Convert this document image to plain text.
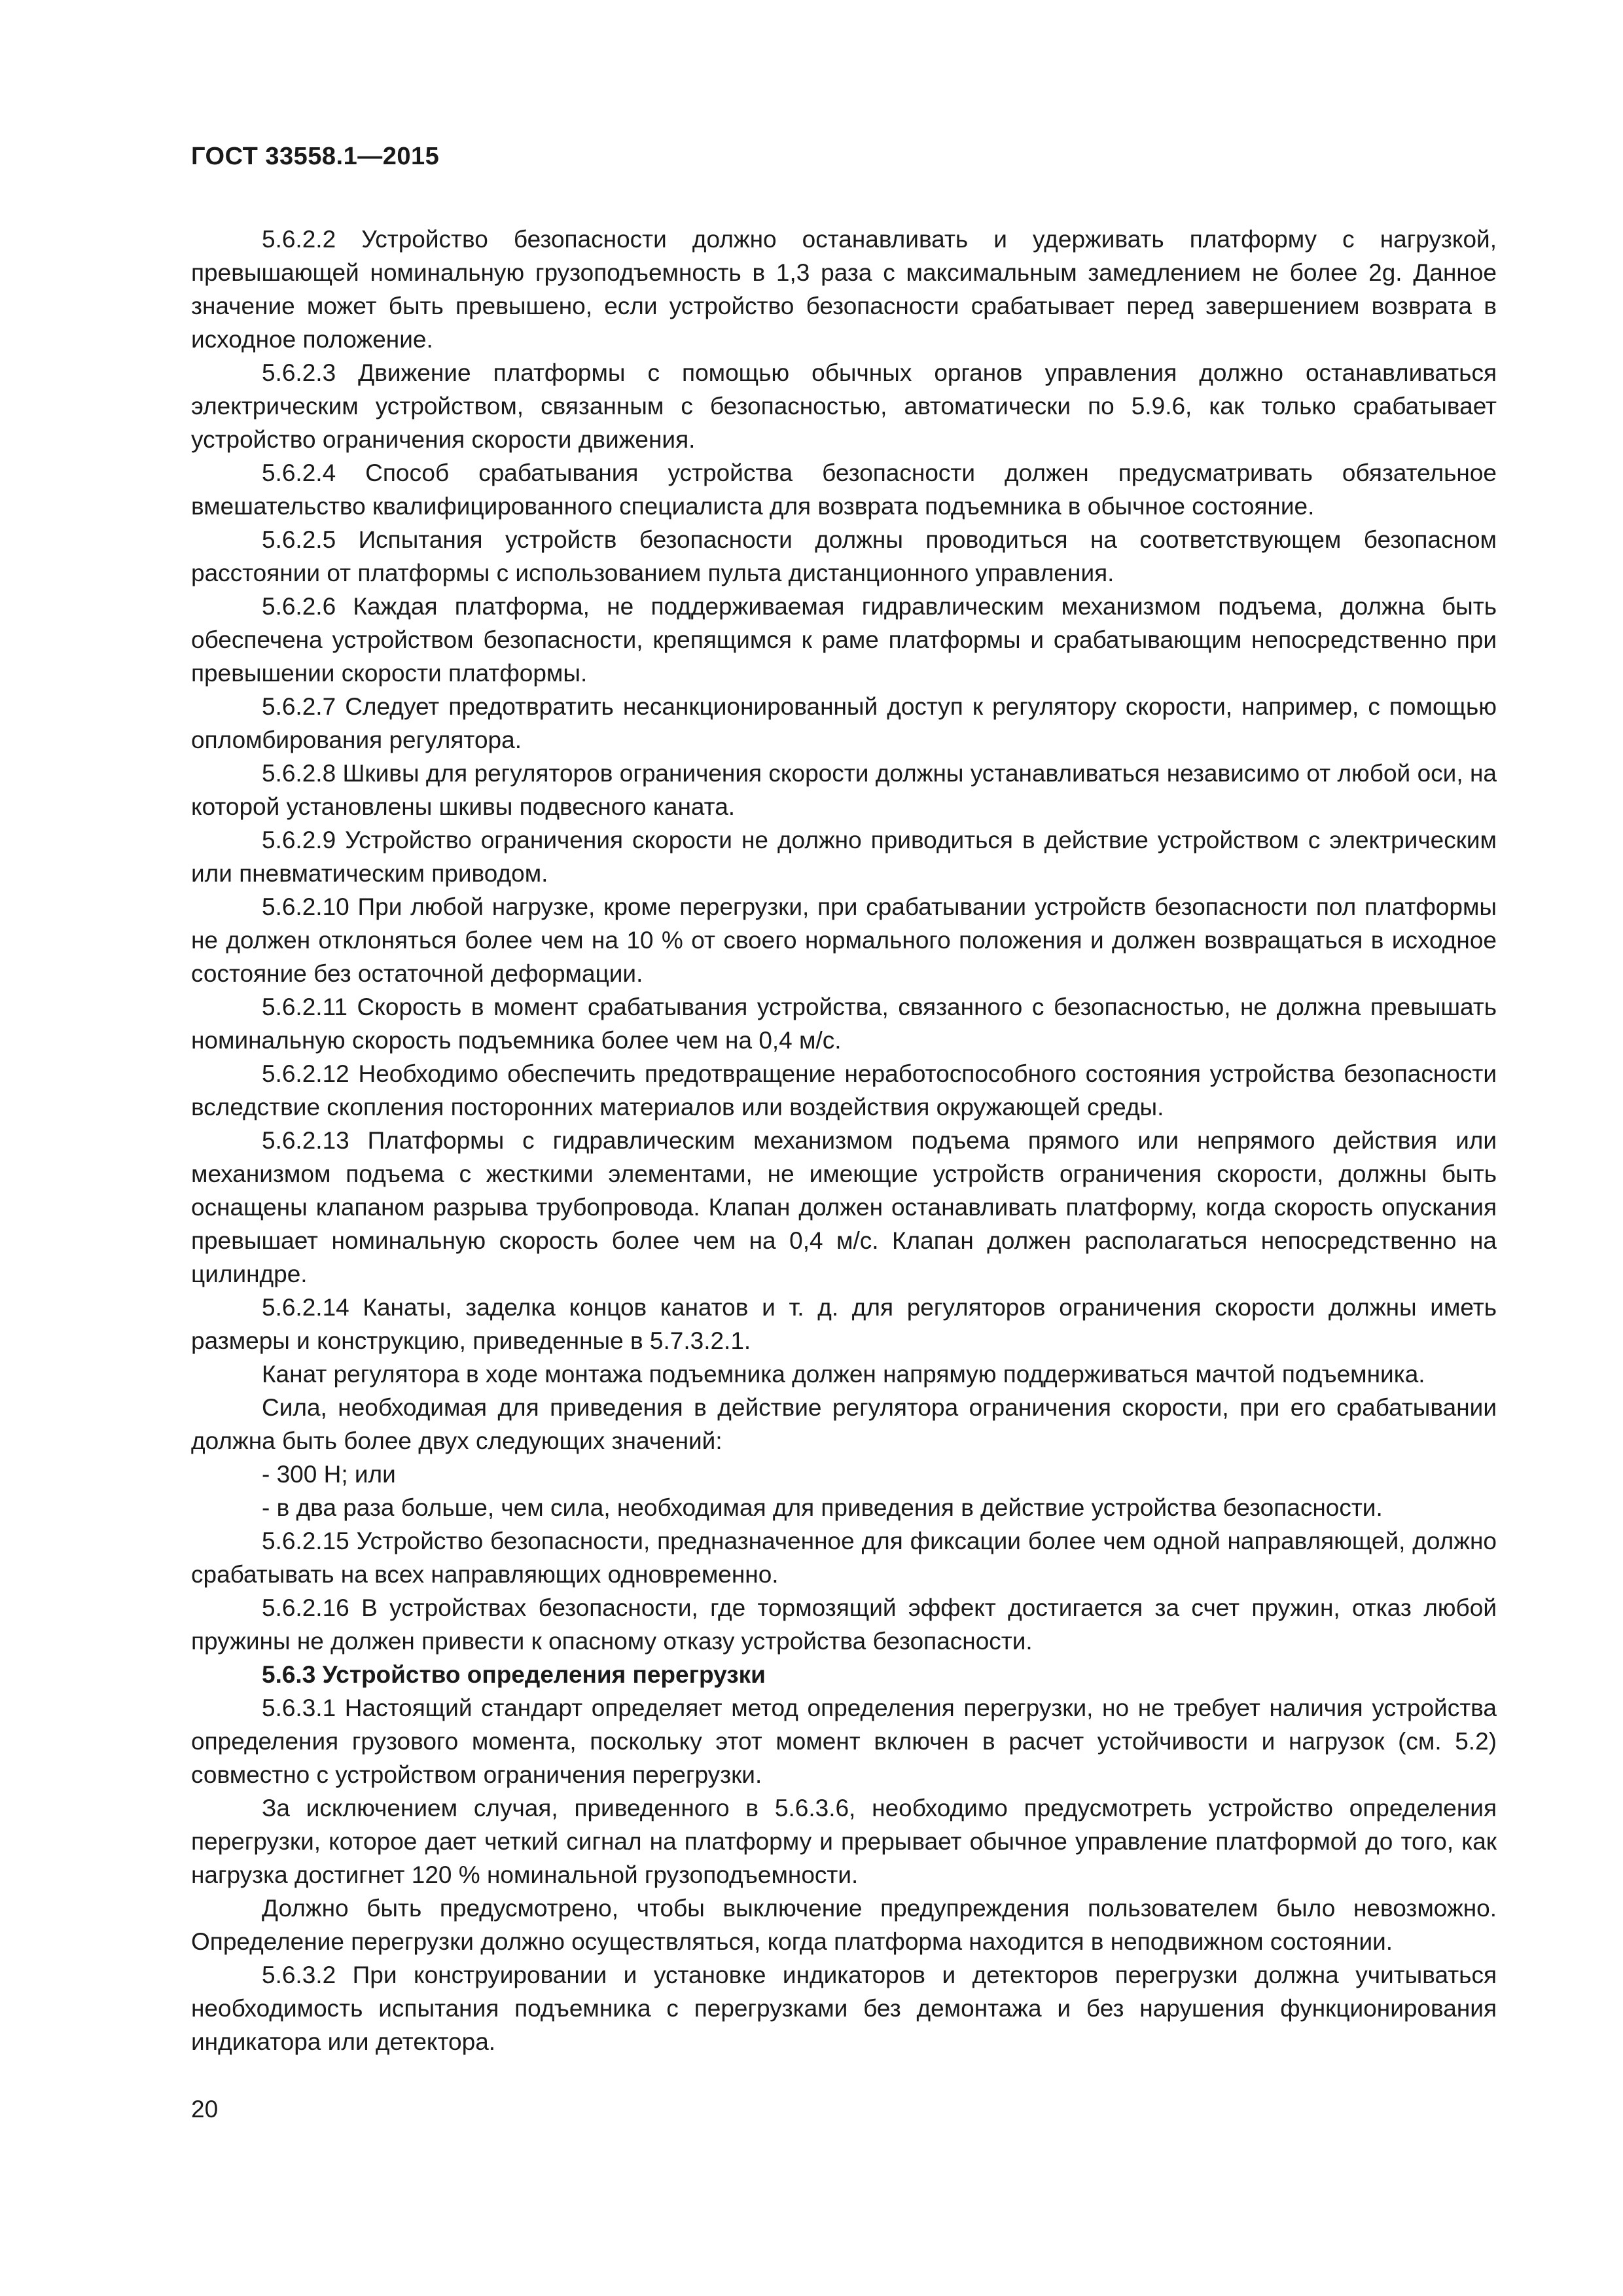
ГОСТ 33558.1—2015

5.6.2.2 Устройство безопасности должно останавливать и удерживать платформу с нагрузкой, превышающей номинальную грузоподъемность в 1,3 раза с максимальным замедлением не более 2g. Данное значение может быть превышено, если устройство безопасности срабатывает перед завершением возврата в исходное положение.

5.6.2.3 Движение платформы с помощью обычных органов управления должно останавливаться электрическим устройством, связанным с безопасностью, автоматически по 5.9.6, как только срабатывает устройство ограничения скорости движения.

5.6.2.4 Способ срабатывания устройства безопасности должен предусматривать обязательное вмешательство квалифицированного специалиста для возврата подъемника в обычное состояние.

5.6.2.5 Испытания устройств безопасности должны проводиться на соответствующем безопасном расстоянии от платформы с использованием пульта дистанционного управления.

5.6.2.6 Каждая платформа, не поддерживаемая гидравлическим механизмом подъема, должна быть обеспечена устройством безопасности, крепящимся к раме платформы и срабатывающим непосредственно при превышении скорости платформы.

5.6.2.7 Следует предотвратить несанкционированный доступ к регулятору скорости, например, с помощью опломбирования регулятора.

5.6.2.8 Шкивы для регуляторов ограничения скорости должны устанавливаться независимо от любой оси, на которой установлены шкивы подвесного каната.

5.6.2.9 Устройство ограничения скорости не должно приводиться в действие устройством с электрическим или пневматическим приводом.

5.6.2.10 При любой нагрузке, кроме перегрузки, при срабатывании устройств безопасности пол платформы не должен отклоняться более чем на 10 % от своего нормального положения и должен возвращаться в исходное состояние без остаточной деформации.

5.6.2.11 Скорость в момент срабатывания устройства, связанного с безопасностью, не должна превышать номинальную скорость подъемника более чем на 0,4 м/с.

5.6.2.12 Необходимо обеспечить предотвращение неработоспособного состояния устройства безопасности вследствие скопления посторонних материалов или воздействия окружающей среды.

5.6.2.13 Платформы с гидравлическим механизмом подъема прямого или непрямого действия или механизмом подъема с жесткими элементами, не имеющие устройств ограничения скорости, должны быть оснащены клапаном разрыва трубопровода. Клапан должен останавливать платформу, когда скорость опускания превышает номинальную скорость более чем на 0,4 м/с. Клапан должен располагаться непосредственно на цилиндре.

5.6.2.14 Канаты, заделка концов канатов и т. д. для регуляторов ограничения скорости должны иметь размеры и конструкцию, приведенные в 5.7.3.2.1.

Канат регулятора в ходе монтажа подъемника должен напрямую поддерживаться мачтой подъемника.

Сила, необходимая для приведения в действие регулятора ограничения скорости, при его срабатывании должна быть более двух следующих значений:

- 300 Н; или

- в два раза больше, чем сила, необходимая для приведения в действие устройства безопасности.

5.6.2.15 Устройство безопасности, предназначенное для фиксации более чем одной направляющей, должно срабатывать на всех направляющих одновременно.

5.6.2.16 В устройствах безопасности, где тормозящий эффект достигается за счет пружин, отказ любой пружины не должен привести к опасному отказу устройства безопасности.

5.6.3 Устройство определения перегрузки

5.6.3.1 Настоящий стандарт определяет метод определения перегрузки, но не требует наличия устройства определения грузового момента, поскольку этот момент включен в расчет устойчивости и нагрузок (см. 5.2) совместно с устройством ограничения перегрузки.

За исключением случая, приведенного в 5.6.3.6, необходимо предусмотреть устройство определения перегрузки, которое дает четкий сигнал на платформу и прерывает обычное управление платформой до того, как нагрузка достигнет 120 % номинальной грузоподъемности.

Должно быть предусмотрено, чтобы выключение предупреждения пользователем было невозможно. Определение перегрузки должно осуществляться, когда платформа находится в неподвижном состоянии.

5.6.3.2 При конструировании и установке индикаторов и детекторов перегрузки должна учитываться необходимость испытания подъемника с перегрузками без демонтажа и без нарушения функционирования индикатора или детектора.

20
